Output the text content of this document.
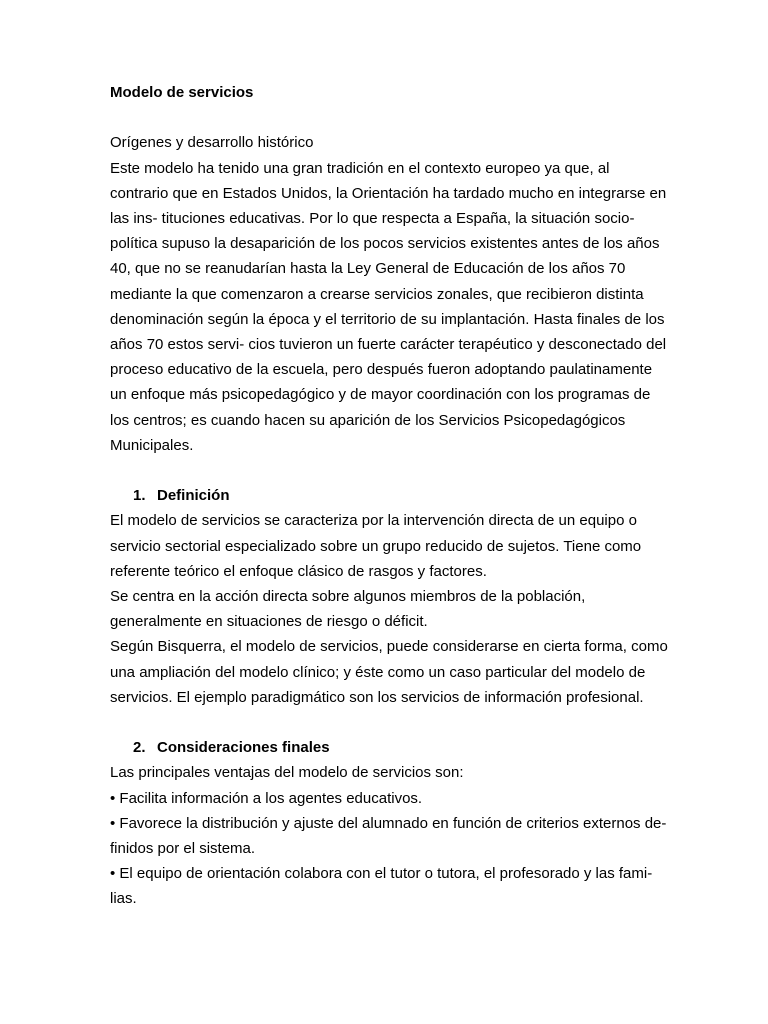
Modelo de servicios

Orígenes y desarrollo histórico

Este modelo ha tenido una gran tradición en el contexto europeo ya que, al contrario que en Estados Unidos, la Orientación ha tardado mucho en integrarse en las ins- tituciones educativas. Por lo que respecta a España, la situación socio-política supuso la desaparición de los pocos servicios existentes antes de los años 40, que no se reanudarían hasta la Ley General de Educación de los años 70 mediante la que comenzaron a crearse servicios zonales, que recibieron distinta denominación según la época y el territorio de su implantación. Hasta finales de los años 70 estos servi- cios tuvieron un fuerte carácter terapéutico y desconectado del proceso educativo de la escuela, pero después fueron adoptando paulatinamente un enfoque más psicopedagógico y de mayor coordinación con los programas de los centros; es cuando hacen su aparición de los Servicios Psicopedagógicos Municipales.

1. Definición

El modelo de servicios se caracteriza por la intervención directa de un equipo o servicio sectorial especializado sobre un grupo reducido de sujetos. Tiene como referente teórico el enfoque clásico de rasgos y factores.

Se centra en la acción directa sobre algunos miembros de la población, generalmente en situaciones de riesgo o déficit.

Según Bisquerra, el modelo de servicios, puede considerarse en cierta forma, como una ampliación del modelo clínico; y éste como un caso particular del modelo de servicios. El ejemplo paradigmático son los servicios de información profesional.

2. Consideraciones finales

Las principales ventajas del modelo de servicios son:

• Facilita información a los agentes educativos.

• Favorece la distribución y ajuste del alumnado en función de criterios externos de- finidos por el sistema.

• El equipo de orientación colabora con el tutor o tutora, el profesorado y las fami- lias.
